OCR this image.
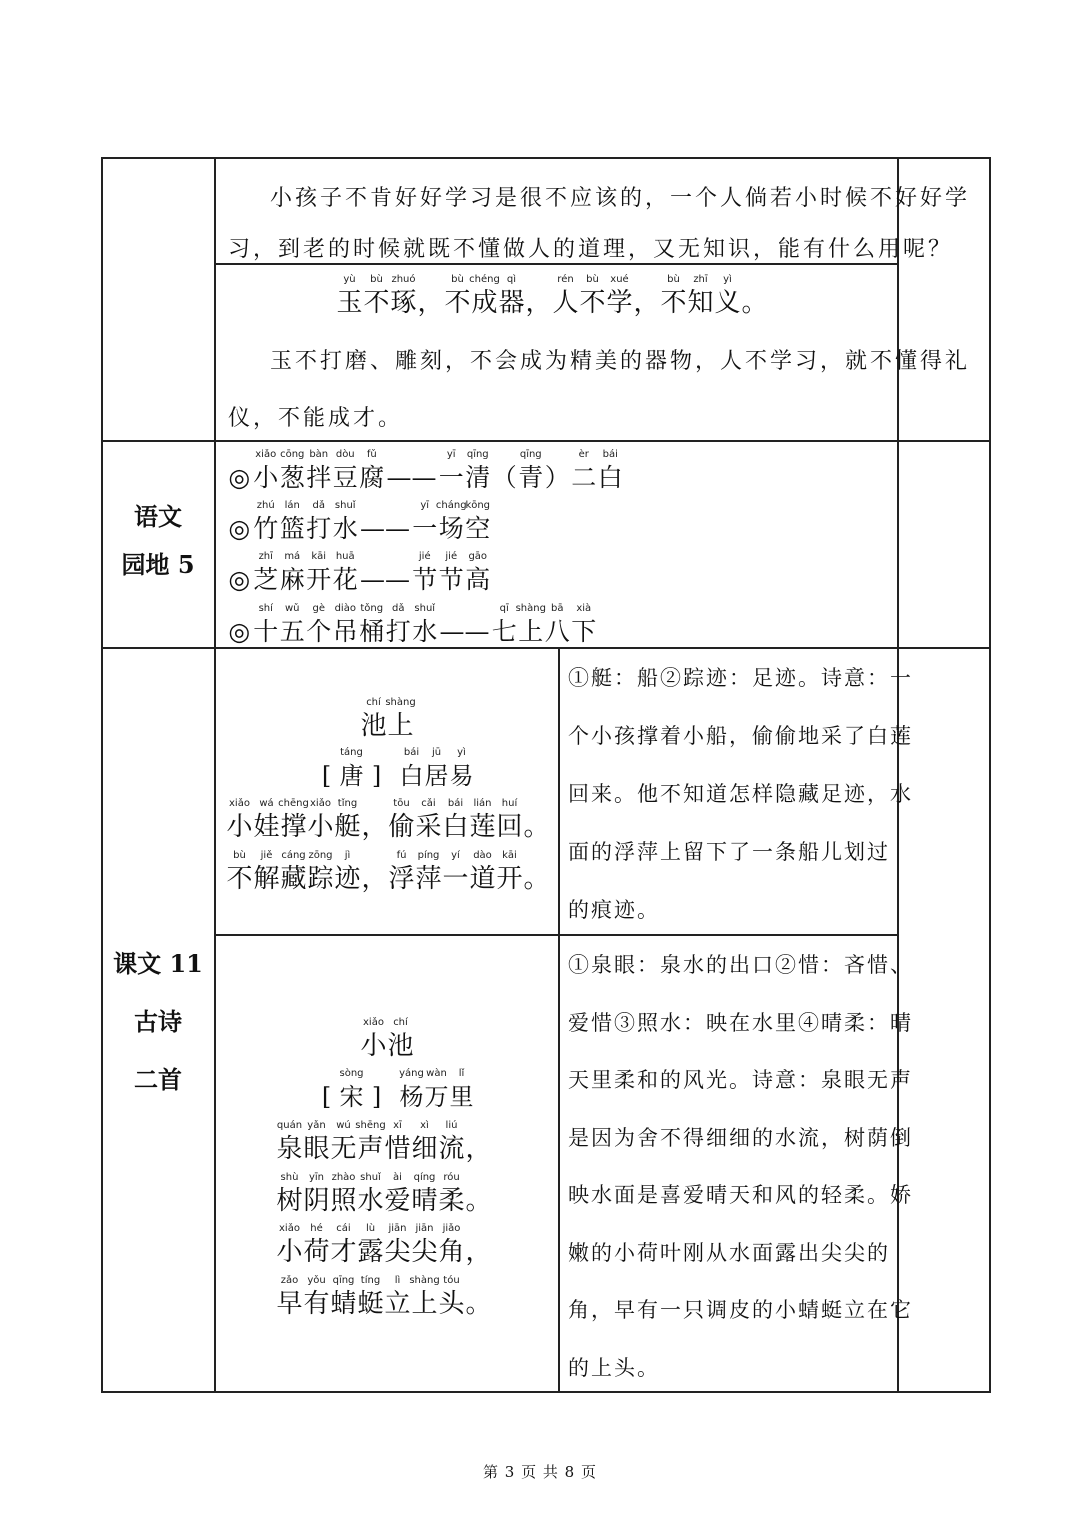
小孩子不肯好好学习是很不应该的，一个人倘若小时候不好好学
习，到老的时候就既不懂做人的道理，又无知识，能有什么用呢？
玉
yù
不
bù
琢
zhuó
， 不
bù
成
chéng
器
qì
， 人
rén
不
bù
学
xué
， 不
bù
知
zhī
义
yì
。
玉不打磨、雕刻，不会成为精美的器物，人不学习，就不懂得礼
仪，不能成才。
语文
园地 5
◎ 小
xiǎo
葱
cōng
拌
bàn
豆
dòu
腐
fǔ
—— 一
yī
清
qīng
（ 青
qīng
） 二
èr
白
bái
◎ 竹
zhú
篮
lán
打
dǎ
水
shuǐ
—— 一
yī
场
cháng
空
kōng
◎ 芝
zhī
麻
má
开
kāi
花
huā
—— 节
jié
节
jié
高
gāo
◎ 十
shí
五
wǔ
个
gè
吊
diào
桶
tǒng
打
dǎ
水
shuǐ
—— 七
qī
上
shàng
八
bā
下
xià
课文 11
古诗
二首
池
chí
上
shàng
[ 唐
táng
] 白
bái
居
jū
易
yì
小
xiǎo
娃
wá
撑
chēng
小
xiǎo
艇
tǐng
， 偷
tōu
采
cǎi
白
bái
莲
lián
回
huí
。
不
bù
解
jiě
藏
cáng
踪
zōng
迹
jì
， 浮
fú
萍
píng
一
yí
道
dào
开
kāi
。
①艇：船②踪迹：足迹。诗意：一
个小孩撑着小船，偷偷地采了白莲
回来。他不知道怎样隐藏足迹，水
面的浮萍上留下了一条船儿划过
的痕迹。
小
xiǎo
池
chí
[ 宋
sòng
] 杨
yáng
万
wàn
里
lǐ
泉
quán
眼
yǎn
无
wú
声
shēng
惜
xī
细
xì
流
liú
，
树
shù
阴
yīn
照
zhào
水
shuǐ
爱
ài
晴
qíng
柔
róu
。
小
xiǎo
荷
hé
才
cái
露
lù
尖
jiān
尖
jiān
角
jiǎo
，
早
zǎo
有
yǒu
蜻
qīng
蜓
tíng
立
lì
上
shàng
头
tóu
。
①泉眼：泉水的出口②惜：吝惜、
爱惜③照水：映在水里④晴柔：晴
天里柔和的风光。诗意：泉眼无声
是因为舍不得细细的水流，树荫倒
映水面是喜爱晴天和风的轻柔。娇
嫩的小荷叶刚从水面露出尖尖的
角，早有一只调皮的小蜻蜓立在它
的上头。
第 3 页 共 8 页
